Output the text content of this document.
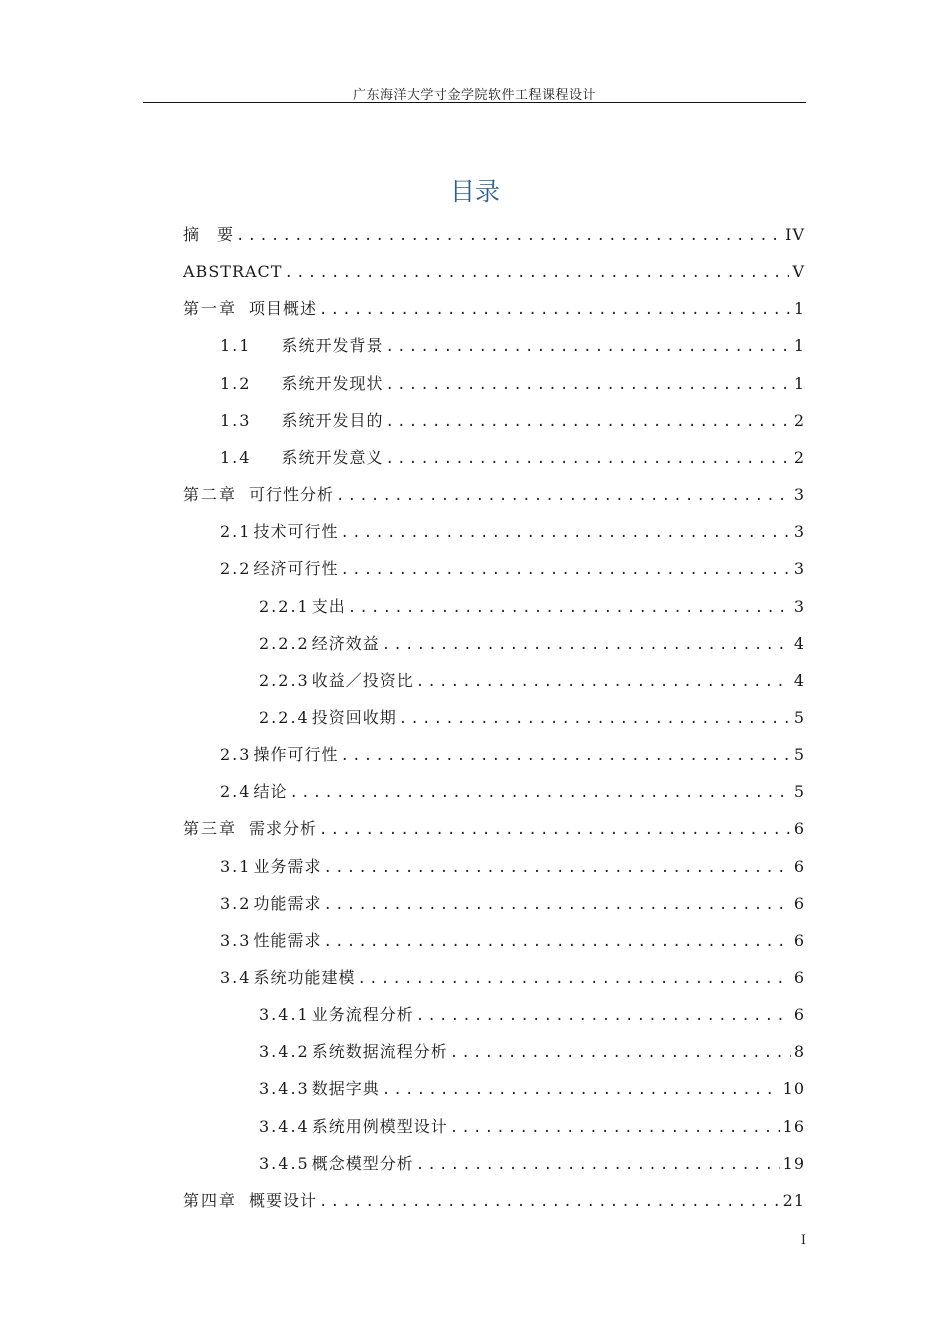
广东海洋大学寸金学院软件工程课程设计
目录
摘　要 .....	IV
ABSTRACT .....	V
第一章 项目概述 .....	1
1.1 系统开发背景 .....	1
1.2 系统开发现状 .....	1
1.3 系统开发目的 .....	2
1.4 系统开发意义 .....	2
第二章 可行性分析 .....	3
2.1 技术可行性 .....	3
2.2 经济可行性 .....	3
2.2.1 支出 .....	3
2.2.2 经济效益 .....	4
2.2.3 收益／投资比 .....	4
2.2.4 投资回收期 .....	5
2.3 操作可行性 .....	5
2.4 结论 .....	5
第三章 需求分析 .....	6
3.1 业务需求 .....	6
3.2 功能需求 .....	6
3.3 性能需求 .....	6
3.4 系统功能建模 .....	6
3.4.1 业务流程分析 .....	6
3.4.2 系统数据流程分析 .....	8
3.4.3 数据字典 .....	10
3.4.4 系统用例模型设计 .....	16
3.4.5 概念模型分析 .....	19
第四章 概要设计 .....	21
I
